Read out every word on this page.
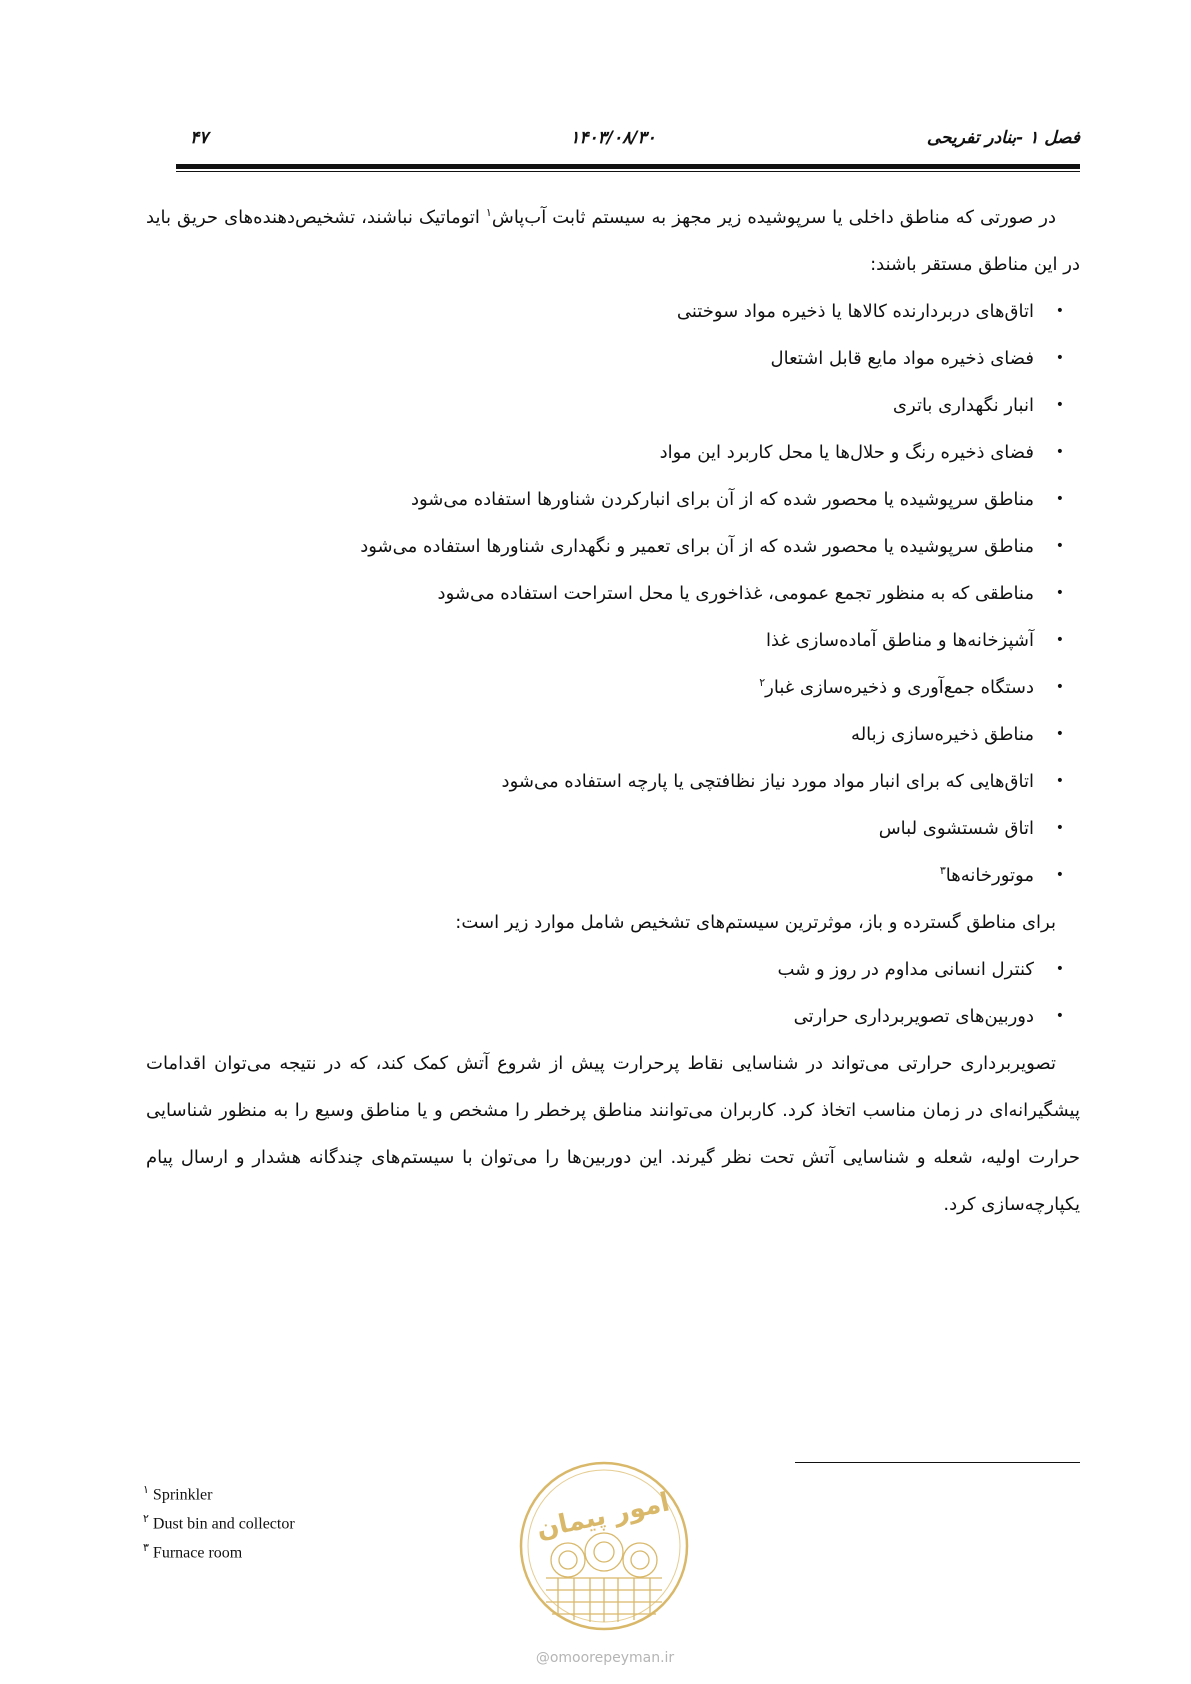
فصل ۱ -بنادر تفریحی
۱۴۰۳/۰۸/۳۰
۴۷

در صورتی که مناطق داخلی یا سرپوشیده زیر مجهز به سیستم ثابت آب‌پاش$^۱$ اتوماتیک نباشند، تشخیص‌دهنده‌های حریق باید در این مناطق مستقر باشند:

•
اتاق‌های دربردارنده کالاها یا ذخیره مواد سوختنی
•
فضای ذخیره مواد مایع قابل اشتعال
•
انبار نگهداری باتری
•
فضای ذخیره رنگ و حلال‌ها یا محل کاربرد این مواد
•
مناطق سرپوشیده یا محصور شده که از آن برای انبارکردن شناورها استفاده می‌شود
•
مناطق سرپوشیده یا محصور شده که از آن برای تعمیر و نگهداری شناورها استفاده می‌شود
•
مناطقی که به منظور تجمع عمومی، غذاخوری یا محل استراحت استفاده می‌شود
•
آشپزخانه‌ها و مناطق آماده‌سازی غذا
•
دستگاه جمع‌آوری و ذخیره‌سازی غبار$^۲$
•
مناطق ذخیره‌سازی زباله
•
اتاق‌هایی که برای انبار مواد مورد نیاز نظافتچی یا پارچه استفاده می‌شود
•
اتاق شستشوی لباس
•
موتورخانه‌ها$^۳$

برای مناطق گسترده و باز، موثرترین سیستم‌های تشخیص شامل موارد زیر است:

•
کنترل انسانی مداوم در روز و شب
•
دوربین‌های تصویربرداری حرارتی

تصویربرداری حرارتی می‌تواند در شناسایی نقاط پرحرارت پیش از شروع آتش کمک کند، که در نتیجه می‌توان اقدامات پیشگیرانه‌ای در زمان مناسب اتخاذ کرد. کاربران می‌توانند مناطق پرخطر را مشخص و یا مناطق وسیع را به منظور شناسایی حرارت اولیه، شعله و شناسایی آتش تحت نظر گیرند. این دوربین‌ها را می‌توان با سیستم‌های چندگانه هشدار و ارسال پیام یکپارچه‌سازی کرد.

$^۱$ Sprinkler
$^۲$ Dust bin and collector
$^۳$ Furnace room
امور پیمان
@omoorepeyman.ir
